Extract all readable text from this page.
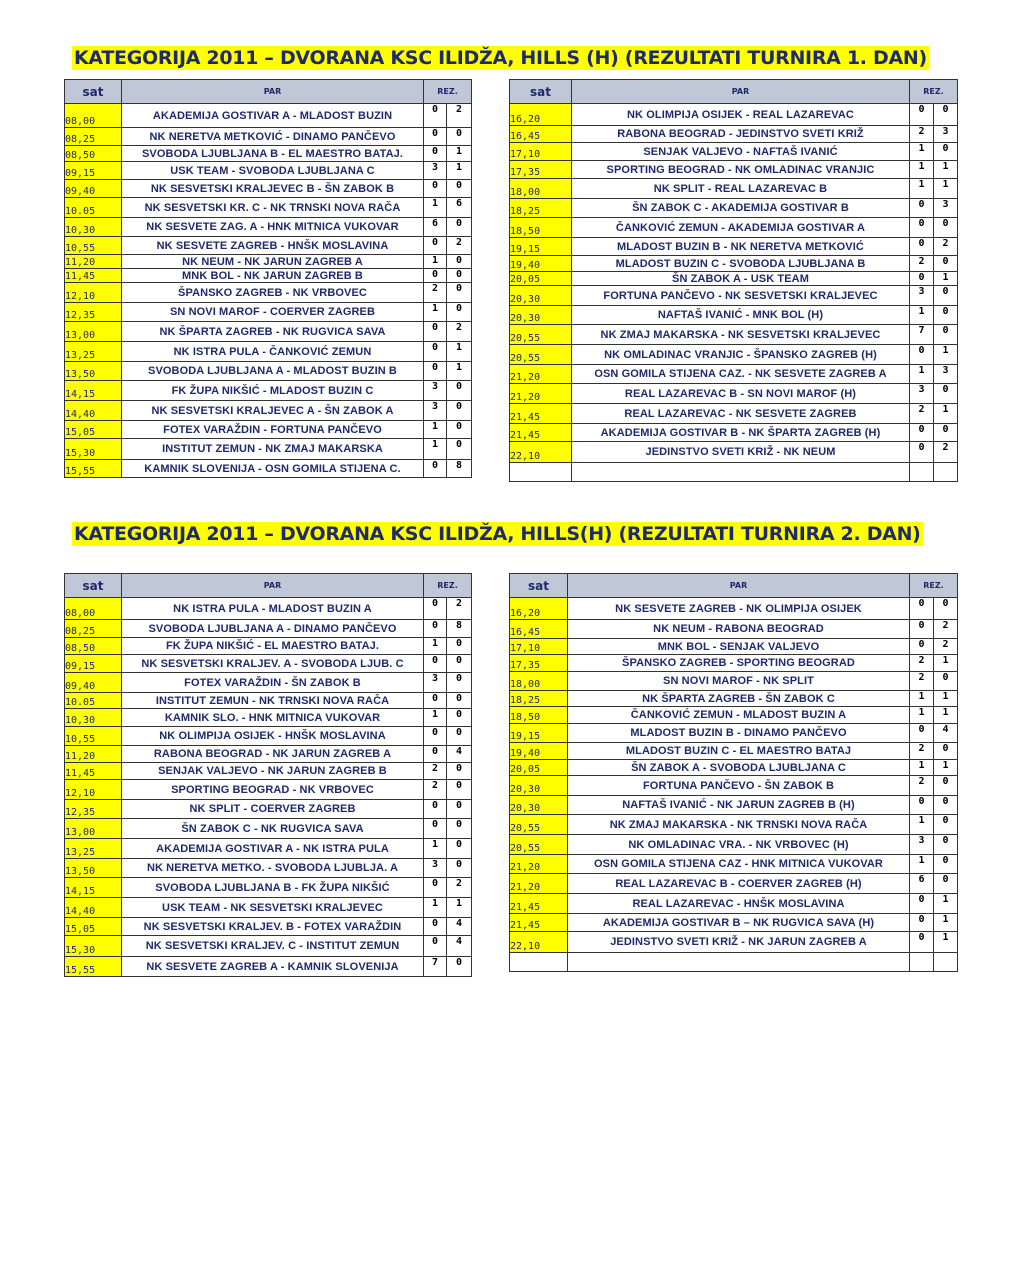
KATEGORIJA 2011 – DVORANA KSC ILIDŽA, HILLS (H) (REZULTATI TURNIRA 1. DAN)
sat	PAR	REZ.	
08,00	AKADEMIJA GOSTIVAR A - MLADOST BUZIN	0	2
08,25	NK NERETVA METKOVIĆ - DINAMO PANČEVO	0	0
08,50	SVOBODA LJUBLJANA B - EL MAESTRO BATAJ.	0	1
09,15	USK TEAM - SVOBODA LJUBLJANA C	3	1
09,40	NK SESVETSKI KRALJEVEC B - ŠN ZABOK B	0	0
10.05	NK SESVETSKI KR. C - NK TRNSKI NOVA RAČA	1	6
10,30	NK SESVETE ZAG. A - HNK MITNICA VUKOVAR	6	0
10,55	NK SESVETE ZAGREB - HNŠK MOSLAVINA	0	2
11,20	NK NEUM - NK JARUN ZAGREB A	1	0
11,45	MNK BOL - NK JARUN ZAGREB B	0	0
12,10	ŠPANSKO ZAGREB - NK VRBOVEC	2	0
12,35	SN NOVI MAROF - COERVER ZAGREB	1	0
13,00	NK ŠPARTA ZAGREB - NK RUGVICA SAVA	0	2
13,25	NK ISTRA PULA - ČANKOVIĆ ZEMUN	0	1
13,50	SVOBODA LJUBLJANA A - MLADOST BUZIN B	0	1
14,15	FK ŽUPA NIKŠIĆ - MLADOST BUZIN C	3	0
14,40	NK SESVETSKI KRALJEVEC A - ŠN ZABOK A	3	0
15,05	FOTEX VARAŽDIN - FORTUNA PANČEVO	1	0
15,30	INSTITUT ZEMUN - NK ZMAJ MAKARSKA	1	0
15,55	KAMNIK SLOVENIJA - OSN GOMILA STIJENA C.	0	8
sat	PAR	REZ.	
16,20	NK OLIMPIJA OSIJEK - REAL LAZAREVAC	0	0
16,45	RABONA BEOGRAD - JEDINSTVO SVETI KRIŽ	2	3
17,10	SENJAK VALJEVO - NAFTAŠ IVANIĆ	1	0
17,35	SPORTING BEOGRAD - NK OMLADINAC VRANJIC	1	1
18,00	NK SPLIT - REAL LAZAREVAC B	1	1
18,25	ŠN ZABOK C - AKADEMIJA GOSTIVAR B	0	3
18,50	ČANKOVIĆ ZEMUN - AKADEMIJA GOSTIVAR A	0	0
19,15	MLADOST BUZIN B - NK NERETVA METKOVIĆ	0	2
19,40	MLADOST BUZIN C - SVOBODA LJUBLJANA B	2	0
20,05	ŠN ZABOK A - USK TEAM	0	1
20,30	FORTUNA PANČEVO - NK SESVETSKI KRALJEVEC	3	0
20,30	NAFTAŠ IVANIĆ - MNK BOL (H)	1	0
20,55	NK ZMAJ MAKARSKA - NK SESVETSKI KRALJEVEC	7	0
20,55	NK OMLADINAC VRANJIC - ŠPANSKO ZAGREB (H)	0	1
21,20	OSN GOMILA STIJENA CAZ. - NK SESVETE ZAGREB A	1	3
21,20	REAL LAZAREVAC B - SN NOVI MAROF (H)	3	0
21,45	REAL LAZAREVAC - NK SESVETE ZAGREB	2	1
21,45	AKADEMIJA GOSTIVAR B - NK ŠPARTA ZAGREB (H)	0	0
22,10	JEDINSTVO SVETI KRIŽ - NK NEUM	0	2

KATEGORIJA 2011 – DVORANA KSC ILIDŽA, HILLS(H) (REZULTATI TURNIRA 2. DAN)
sat	PAR	REZ.	
08,00	NK ISTRA PULA - MLADOST BUZIN A	0	2
08,25	SVOBODA LJUBLJANA A - DINAMO PANČEVO	0	8
08,50	FK ŽUPA NIKŠIĆ - EL MAESTRO BATAJ.	1	0
09,15	NK SESVETSKI KRALJEV. A - SVOBODA LJUB. C	0	0
09,40	FOTEX VARAŽDIN - ŠN ZABOK B	3	0
10.05	INSTITUT ZEMUN - NK TRNSKI NOVA RAČA	0	0
10,30	KAMNIK SLO. - HNK MITNICA VUKOVAR	1	0
10,55	NK OLIMPIJA OSIJEK - HNŠK MOSLAVINA	0	0
11,20	RABONA BEOGRAD - NK JARUN ZAGREB A	0	4
11,45	SENJAK VALJEVO - NK JARUN ZAGREB B	2	0
12,10	SPORTING BEOGRAD - NK VRBOVEC	2	0
12,35	NK SPLIT - COERVER ZAGREB	0	0
13,00	ŠN ZABOK C - NK RUGVICA SAVA	0	0
13,25	AKADEMIJA GOSTIVAR A - NK ISTRA PULA	1	0
13,50	NK NERETVA METKO. - SVOBODA LJUBLJA. A	3	0
14,15	SVOBODA LJUBLJANA B - FK ŽUPA NIKŠIĆ	0	2
14,40	USK TEAM - NK SESVETSKI KRALJEVEC	1	1
15,05	NK SESVETSKI KRALJEV. B - FOTEX VARAŽDIN	0	4
15,30	NK SESVETSKI KRALJEV. C - INSTITUT ZEMUN	0	4
15,55	NK SESVETE ZAGREB A - KAMNIK SLOVENIJA	7	0
sat	PAR	REZ.	
16,20	NK SESVETE ZAGREB - NK OLIMPIJA OSIJEK	0	0
16,45	NK NEUM - RABONA BEOGRAD	0	2
17,10	MNK BOL - SENJAK VALJEVO	0	2
17,35	ŠPANSKO ZAGREB - SPORTING BEOGRAD	2	1
18,00	SN NOVI MAROF - NK SPLIT	2	0
18,25	NK ŠPARTA ZAGREB - ŠN ZABOK C	1	1
18,50	ČANKOVIĆ ZEMUN - MLADOST BUZIN A	1	1
19,15	MLADOST BUZIN B - DINAMO PANČEVO	0	4
19,40	MLADOST BUZIN C - EL MAESTRO BATAJ	2	0
20,05	ŠN ZABOK A - SVOBODA LJUBLJANA C	1	1
20,30	FORTUNA PANČEVO - ŠN ZABOK B	2	0
20,30	NAFTAŠ IVANIĆ - NK JARUN ZAGREB B (H)	0	0
20,55	NK ZMAJ MAKARSKA - NK TRNSKI NOVA RAČA	1	0
20,55	NK OMLADINAC VRA. - NK VRBOVEC (H)	3	0
21,20	OSN GOMILA STIJENA CAZ - HNK MITNICA VUKOVAR	1	0
21,20	REAL LAZAREVAC B - COERVER ZAGREB (H)	6	0
21,45	REAL LAZAREVAC - HNŠK MOSLAVINA	0	1
21,45	AKADEMIJA GOSTIVAR B – NK RUGVICA SAVA (H)	0	1
22,10	JEDINSTVO SVETI KRIŽ - NK JARUN ZAGREB A	0	1
